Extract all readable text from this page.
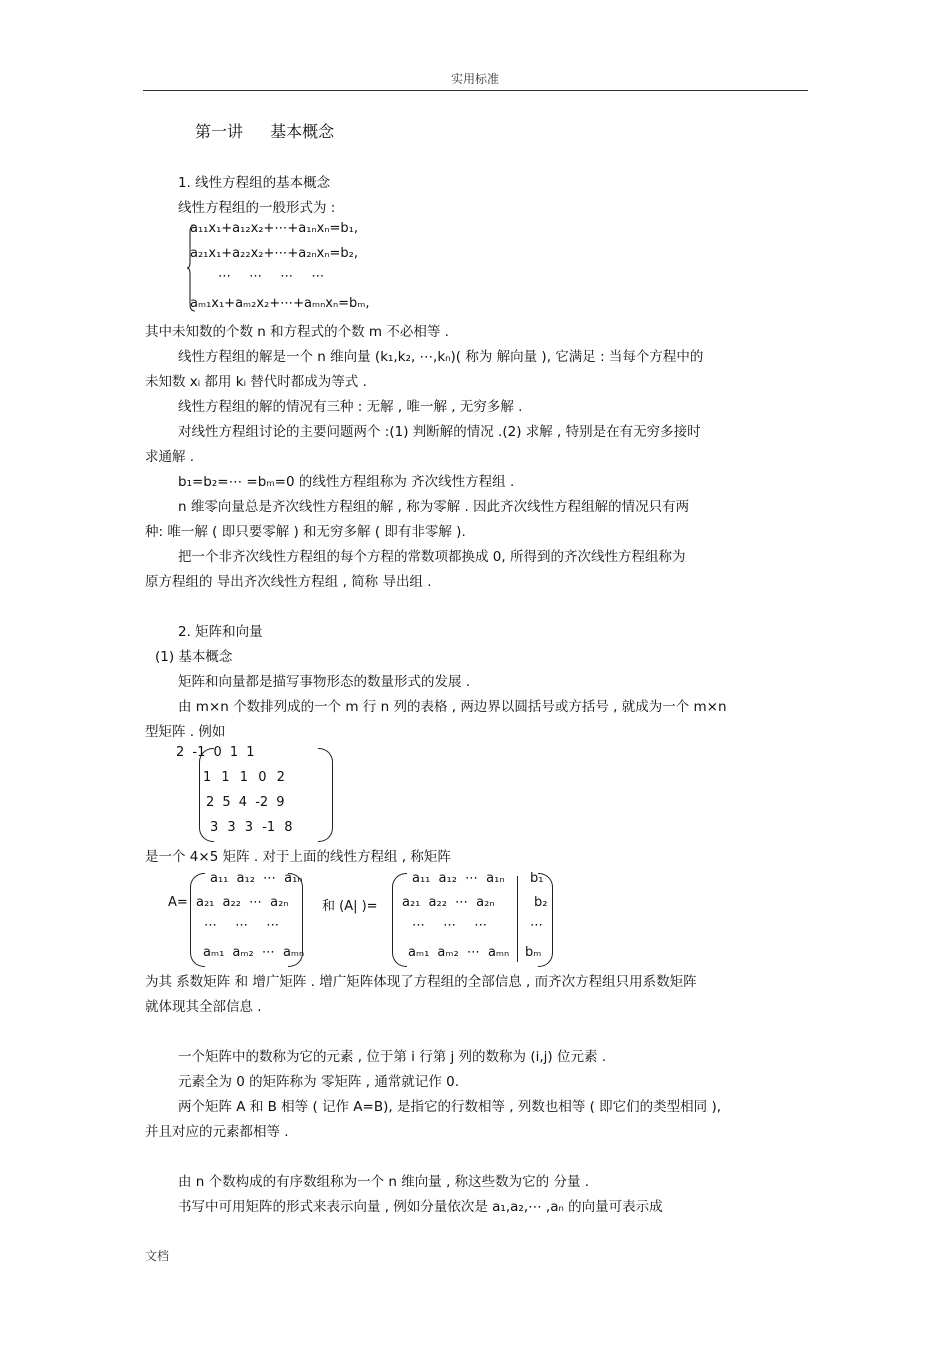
实用标准
第一讲 基本概念
1. 线性方程组的基本概念
线性方程组的一般形式为 :
a₁₁x₁+a₁₂x₂+⋯+a₁ₙxₙ=b₁,
a₂₁x₁+a₂₂x₂+⋯+a₂ₙxₙ=b₂,
⋯ ⋯ ⋯ ⋯
aₘ₁x₁+aₘ₂x₂+⋯+aₘₙxₙ=bₘ,
其中未知数的个数 n 和方程式的个数 m 不必相等 .
线性方程组的解是一个 n 维向量 (k₁,k₂, ⋯,kₙ)( 称为 解向量 ), 它满足 : 当每个方程中的
未知数 xᵢ 都用 kᵢ 替代时都成为等式 .
线性方程组的解的情况有三种 : 无解 , 唯一解 , 无穷多解 .
对线性方程组讨论的主要问题两个 :(1) 判断解的情况 .(2) 求解 , 特别是在有无穷多接时
求通解 .
b₁=b₂=⋯ =bₘ=0 的线性方程组称为 齐次线性方程组 .
n 维零向量总是齐次线性方程组的解 , 称为零解 . 因此齐次线性方程组解的情况只有两
种: 唯一解 ( 即只要零解 ) 和无穷多解 ( 即有非零解 ).
把一个非齐次线性方程组的每个方程的常数项都换成 0, 所得到的齐次线性方程组称为
原方程组的 导出齐次线性方程组 , 简称 导出组 .
2. 矩阵和向量
(1) 基本概念
矩阵和向量都是描写事物形态的数量形式的发展 .
由 m×n 个数排列成的一个 m 行 n 列的表格 , 两边界以圆括号或方括号 , 就成为一个 m×n
型矩阵 . 例如
2 -1 0 1 1
1 1 1 0 2
2 5 4 -2 9
3 3 3 -1 8
是一个 4×5 矩阵 . 对于上面的线性方程组 , 称矩阵
A=
a₁₁ a₁₂ ⋯ a₁ₙ
a₂₁ a₂₂ ⋯ a₂ₙ
⋯ ⋯ ⋯
aₘ₁ aₘ₂ ⋯ aₘₙ
和 (A| )=
a₁₁ a₁₂ ⋯ a₁ₙ
a₂₁ a₂₂ ⋯ a₂ₙ
⋯ ⋯ ⋯
aₘ₁ aₘ₂ ⋯ aₘₙ
b₁
b₂
⋯
bₘ
为其 系数矩阵 和 增广矩阵 . 增广矩阵体现了方程组的全部信息 , 而齐次方程组只用系数矩阵
就体现其全部信息 .
一个矩阵中的数称为它的元素 , 位于第 i 行第 j 列的数称为 (i,j) 位元素 .
元素全为 0 的矩阵称为 零矩阵 , 通常就记作 0.
两个矩阵 A 和 B 相等 ( 记作 A=B), 是指它的行数相等 , 列数也相等 ( 即它们的类型相同 ),
并且对应的元素都相等 .
由 n 个数构成的有序数组称为一个 n 维向量 , 称这些数为它的 分量 .
书写中可用矩阵的形式来表示向量 , 例如分量依次是 a₁,a₂,⋯ ,aₙ 的向量可表示成
文档
